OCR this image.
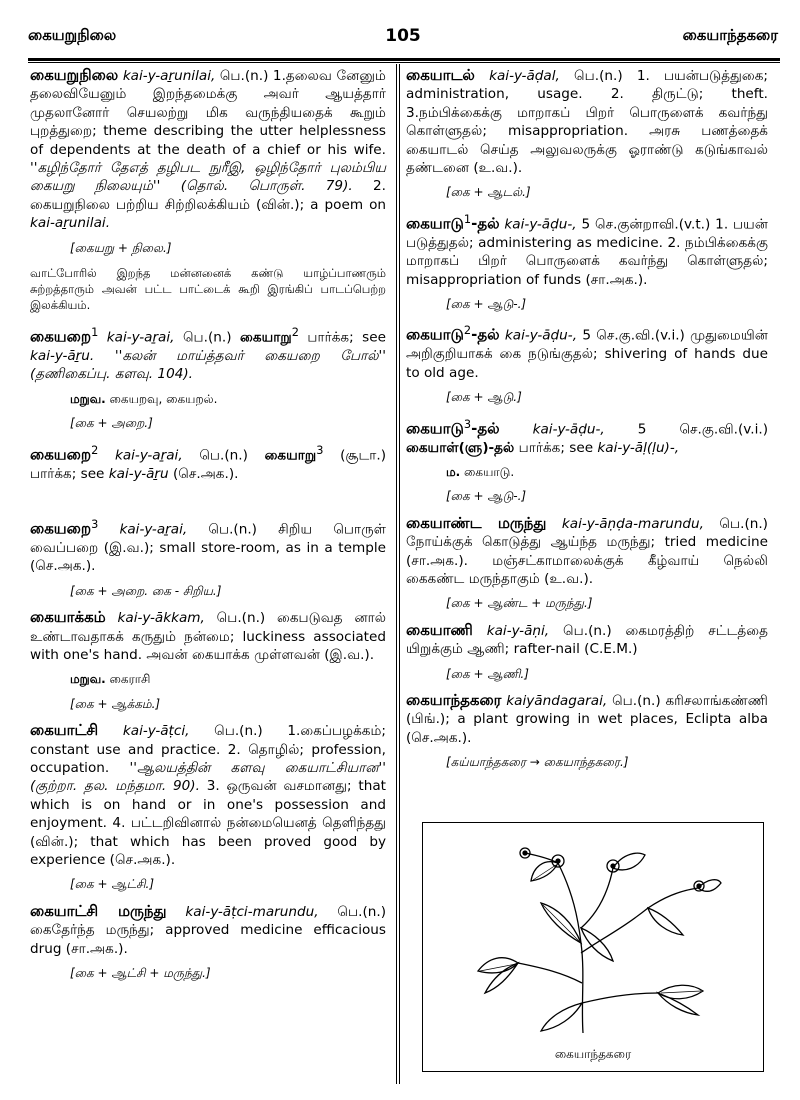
105
கையறுநிலை	கையாந்தகரை
கையறுநிலை kai-y-aṟunilai, பெ.(n.) 1.தலைவ னேனும் தலைவியேனும் இறந்தமைக்கு அவர் ஆயத்தார் முதலானோர் செயலற்று மிக வருந்தியதைக் கூறும் புறத்துறை; theme describing the utter helplessness of dependents at the death of a chief or his wife. ''கழிந்தோர் தேஎத் தழிபட நுரீஇ, ஒழிந்தோர் புலம்பிய கையறு நிலையும்'' (தொல். பொருள். 79). 2. கையறுநிலை பற்றிய சிற்றிலக்கியம் (வின்.); a poem on kai-aṟunilai.
[கையறு + நிலை.]
வாட்போரில் இறந்த மன்னனைக் கண்டு யாழ்ப்பாணரும் சுற்றத்தாரும் அவன் பட்ட பாட்டைக் கூறி இரங்கிப் பாடப்பெற்ற இலக்கியம்.
கையறை$^1$ kai-y-aṟai, பெ.(n.) கையாறு$^2$ பார்க்க; see kai-y-āṟu. ''கலன் மாய்த்தவர் கையறை போல்'' (தணிகைப்பு. களவு. 104).
மறுவ. கையறவு, கையறல்.
[கை + அறை.]
கையறை$^2$ kai-y-aṟai, பெ.(n.) கையாறு$^3$ (சூடா.) பார்க்க; see kai-y-āṟu (செ.அக.).
கையறை$^3$ kai-y-aṟai, பெ.(n.) சிறிய பொருள் வைப்பறை (இ.வ.); small store-room, as in a temple (செ.அக.).
[கை + அறை. கை - சிறிய.]
கையாக்கம் kai-y-ākkam, பெ.(n.) கைபடுவத னால் உண்டாவதாகக் கருதும் நன்மை; luckiness associated with one's hand. அவன் கையாக்க முள்ளவன் (இ.வ.).
மறுவ. கைராசி
[கை + ஆக்கம்.]
கையாட்சி kai-y-āṭci, பெ.(n.) 1.கைப்பழக்கம்; constant use and practice. 2. தொழில்; profession, occupation. ''ஆலயத்தின் களவு கையாட்சியான'' (குற்றா. தல. மந்தமா. 90). 3. ஒருவன் வசமானது; that which is on hand or in one's possession and enjoyment. 4. பட்டறிவினால் நன்மையெனத் தெளிந்தது (வின்.); that which has been proved good by experience (செ.அக.).
[கை + ஆட்சி.]
கையாட்சி மருந்து kai-y-āṭci-marundu, பெ.(n.) கைதேர்ந்த மருந்து; approved medicine efficacious drug (சா.அக.).
[கை + ஆட்சி + மருந்து.]
கையாடல் kai-y-āḍal, பெ.(n.) 1. பயன்படுத்துகை; administration, usage. 2. திருட்டு; theft. 3.நம்பிக்கைக்கு மாறாகப் பிறர் பொருளைக் கவர்ந்து கொள்ளுதல்; misappropriation. அரசு பணத்தைக் கையாடல் செய்த அலுவலருக்கு ஓராண்டு கடுங்காவல் தண்டனை (உ.வ.).
[கை + ஆடல்.]
கையாடு$^1$-தல் kai-y-āḍu-, 5 செ.குன்றாவி.(v.t.) 1. பயன் படுத்துதல்; administering as medicine. 2. நம்பிக்கைக்கு மாறாகப் பிறர் பொருளைக் கவர்ந்து கொள்ளுதல்; misappropriation of funds (சா.அக.).
[கை + ஆடு-.]
கையாடு$^2$-தல் kai-y-āḍu-, 5 செ.கு.வி.(v.i.) முதுமையின் அறிகுறியாகக் கை நடுங்குதல்; shivering of hands due to old age.
[கை + ஆடு.]
கையாடு$^3$-தல் kai-y-āḍu-, 5 செ.கு.வி.(v.i.) கையாள்(ளு)-தல் பார்க்க; see kai-y-āḷ(ḷu)-,
ம. கையாடு.
[கை + ஆடு-.]
கையாண்ட மருந்து kai-y-āṇḍa-marundu, பெ.(n.) நோய்க்குக் கொடுத்து ஆய்ந்த மருந்து; tried medicine (சா.அக.). மஞ்சட்காமாலைக்குக் கீழ்வாய் நெல்லி கைகண்ட மருந்தாகும் (உ.வ.).
[கை + ஆண்ட + மருந்து.]
கையாணி kai-y-āṇi, பெ.(n.) கைமரத்திற் சட்டத்தை யிறுக்கும் ஆணி; rafter-nail (C.E.M.)
[கை + ஆணி.]
கையாந்தகரை kaiyāndagarai, பெ.(n.) கரிசலாங்கண்ணி (பிங்.); a plant growing in wet places, Eclipta alba (செ.அக.).
[கய்யாந்தகரை → கையாந்தகரை.]
கையாந்தகரை
